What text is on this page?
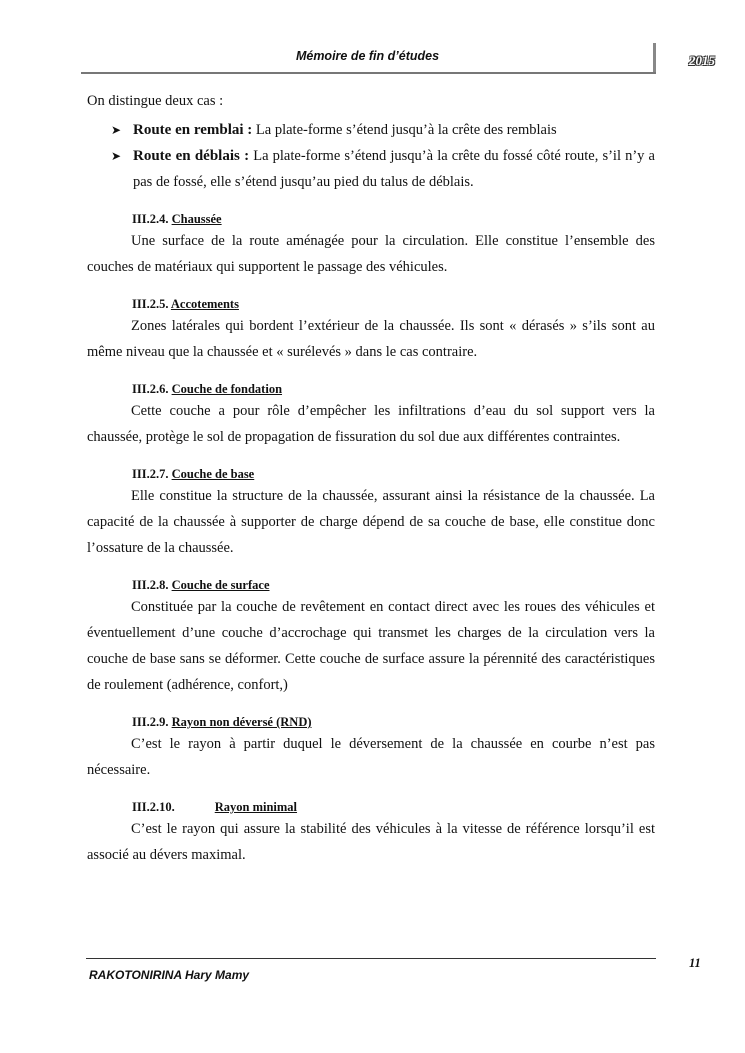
Mémoire de fin d’études	2015

On distingue deux cas :

➤ Route en remblai : La plate-forme s’étend jusqu’à la crête des remblais
➤ Route en déblais : La plate-forme s’étend jusqu’à la crête du fossé côté route, s’il n’y a pas de fossé, elle s’étend jusqu’au pied du talus de déblais.
III.2.4. Chaussée

Une surface de la route aménagée pour la circulation. Elle constitue l’ensemble des couches de matériaux qui supportent le passage des véhicules.

III.2.5. Accotements

Zones latérales qui bordent l’extérieur de la chaussée. Ils sont « dérasés » s’ils sont au même niveau que la chaussée et « surélevés » dans le cas contraire.

III.2.6. Couche de fondation

Cette couche a pour rôle d’empêcher les infiltrations d’eau du sol support vers la chaussée, protège le sol de propagation de fissuration du sol due aux différentes contraintes.

III.2.7. Couche de base

Elle constitue la structure de la chaussée, assurant ainsi la résistance de la chaussée. La capacité de la chaussée à supporter de charge dépend de sa couche de base, elle constitue donc l’ossature de la chaussée.

III.2.8. Couche de surface

Constituée par la couche de revêtement en contact direct avec les roues des véhicules et éventuellement d’une couche d’accrochage qui transmet les charges de la circulation vers la couche de base sans se déformer. Cette couche de surface assure la pérennité des caractéristiques de roulement (adhérence, confort,)

III.2.9. Rayon non déversé (RND)

C’est le rayon à partir duquel le déversement de la chaussée en courbe n’est pas nécessaire.

III.2.10.	Rayon minimal

C’est le rayon qui assure la stabilité des véhicules à la vitesse de référence lorsqu’il est associé au dévers maximal.

11
RAKOTONIRINA Hary Mamy
